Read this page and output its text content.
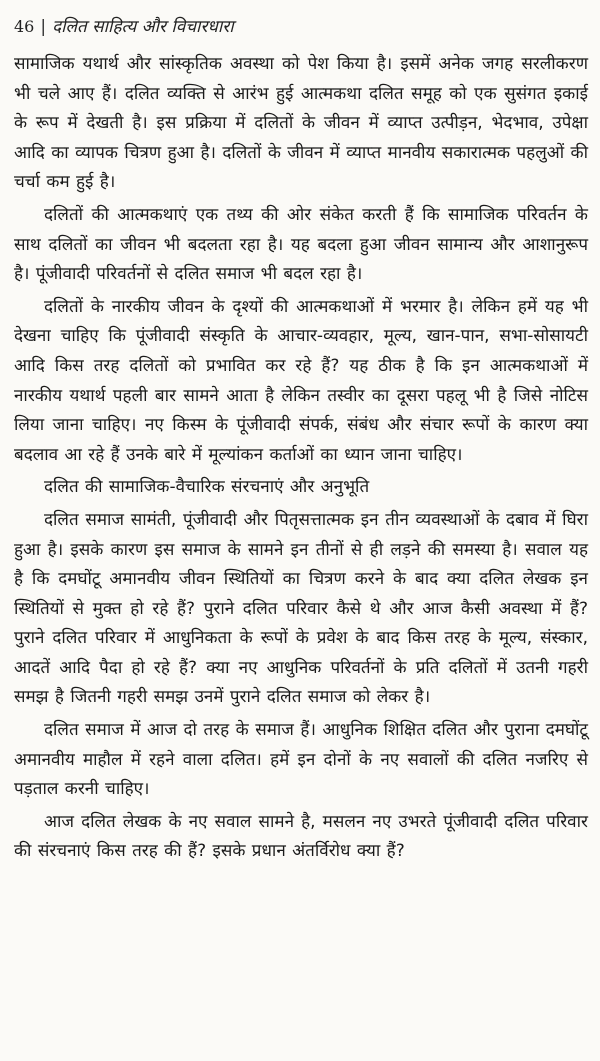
46 | दलित साहित्य और विचारधारा

सामाजिक यथार्थ और सांस्कृतिक अवस्था को पेश किया है। इसमें अनेक जगह सरलीकरण भी चले आए हैं। दलित व्यक्ति से आरंभ हुई आत्मकथा दलित समूह को एक सुसंगत इकाई के रूप में देखती है। इस प्रक्रिया में दलितों के जीवन में व्याप्त उत्पीड़न, भेदभाव, उपेक्षा आदि का व्यापक चित्रण हुआ है। दलितों के जीवन में व्याप्त मानवीय सकारात्मक पहलुओं की चर्चा कम हुई है।

दलितों की आत्मकथाएं एक तथ्य की ओर संकेत करती हैं कि सामाजिक परिवर्तन के साथ दलितों का जीवन भी बदलता रहा है। यह बदला हुआ जीवन सामान्य और आशानुरूप है। पूंजीवादी परिवर्तनों से दलित समाज भी बदल रहा है।

दलितों के नारकीय जीवन के दृश्यों की आत्मकथाओं में भरमार है। लेकिन हमें यह भी देखना चाहिए कि पूंजीवादी संस्कृति के आचार-व्यवहार, मूल्य, खान-पान, सभा-सोसायटी आदि किस तरह दलितों को प्रभावित कर रहे हैं? यह ठीक है कि इन आत्मकथाओं में नारकीय यथार्थ पहली बार सामने आता है लेकिन तस्वीर का दूसरा पहलू भी है जिसे नोटिस लिया जाना चाहिए। नए किस्म के पूंजीवादी संपर्क, संबंध और संचार रूपों के कारण क्या बदलाव आ रहे हैं उनके बारे में मूल्यांकन कर्ताओं का ध्यान जाना चाहिए।

दलित की सामाजिक-वैचारिक संरचनाएं और अनुभूति

दलित समाज सामंती, पूंजीवादी और पितृसत्तात्मक इन तीन व्यवस्थाओं के दबाव में घिरा हुआ है। इसके कारण इस समाज के सामने इन तीनों से ही लड़ने की समस्या है। सवाल यह है कि दमघोंटू अमानवीय जीवन स्थितियों का चित्रण करने के बाद क्या दलित लेखक इन स्थितियों से मुक्त हो रहे हैं? पुराने दलित परिवार कैसे थे और आज कैसी अवस्था में हैं? पुराने दलित परिवार में आधुनिकता के रूपों के प्रवेश के बाद किस तरह के मूल्य, संस्कार, आदतें आदि पैदा हो रहे हैं? क्या नए आधुनिक परिवर्तनों के प्रति दलितों में उतनी गहरी समझ है जितनी गहरी समझ उनमें पुराने दलित समाज को लेकर है।

दलित समाज में आज दो तरह के समाज हैं। आधुनिक शिक्षित दलित और पुराना दमघोंटू अमानवीय माहौल में रहने वाला दलित। हमें इन दोनों के नए सवालों की दलित नजरिए से पड़ताल करनी चाहिए।

आज दलित लेखक के नए सवाल सामने है, मसलन नए उभरते पूंजीवादी दलित परिवार की संरचनाएं किस तरह की हैं? इसके प्रधान अंतर्विरोध क्या हैं?
